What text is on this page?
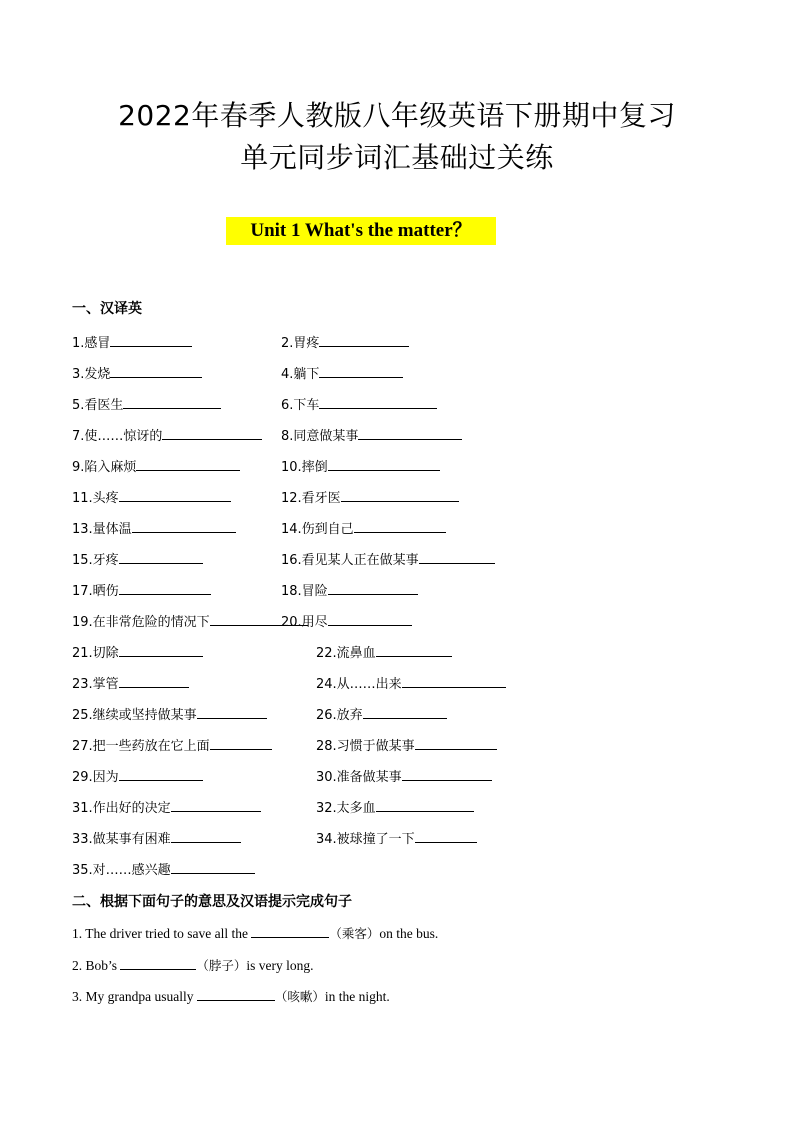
2022年春季人教版八年级英语下册期中复习
单元同步词汇基础过关练
Unit 1 What's the matter？
一、汉译英
1.感冒	2.胃疼
3.发烧	4.躺下
5.看医生	6.下车
7.使……惊讶的	8.同意做某事
9.陷入麻烦	10.摔倒
11.头疼	12.看牙医
13.量体温	14.伤到自己
15.牙疼	16.看见某人正在做某事
17.晒伤	18.冒险
19.在非常危险的情况下	20.用尽
21.切除	22.流鼻血
23.掌管	24.从……出来
25.继续或坚持做某事	26.放弃
27.把一些药放在它上面	28.习惯于做某事
29.因为	30.准备做某事
31.作出好的决定	32.太多血
33.做某事有困难	34.被球撞了一下
35.对……感兴趣
二、根据下面句子的意思及汉语提示完成句子
1. The driver tried to save all the	（乘客）on the bus.
2. Bob’s	（脖子）is very long.
3. My grandpa usually	（咳嗽）in the night.
